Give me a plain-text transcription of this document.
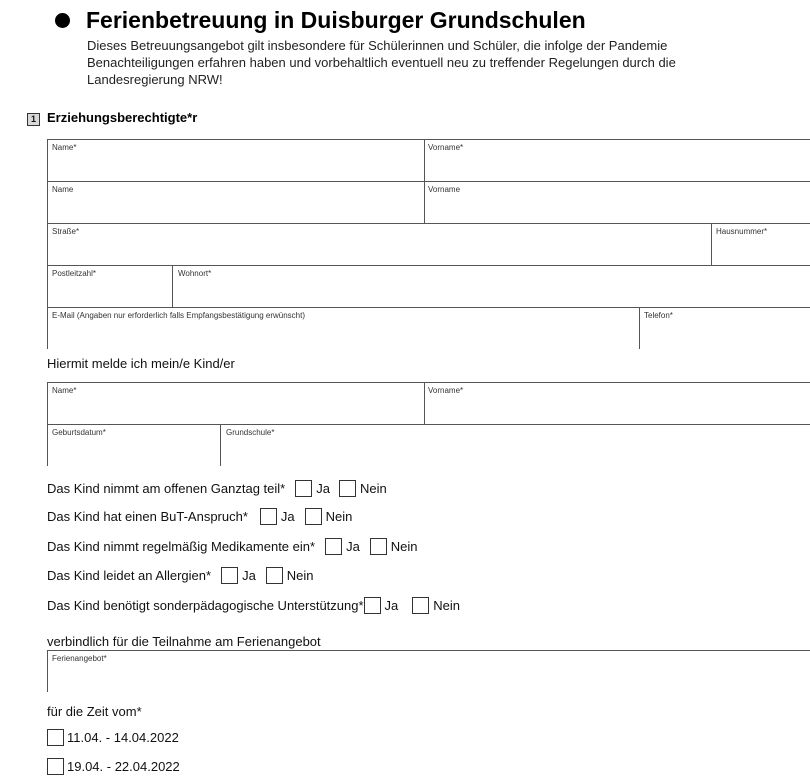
Ferienbetreuung in Duisburger Grundschulen
Dieses Betreuungsangebot gilt insbesondere für Schülerinnen und Schüler, die infolge der Pandemie
Benachteiligungen erfahren haben und vorbehaltlich eventuell neu zu treffender Regelungen durch die
Landesregierung NRW!
1 Erziehungsberechtigte*r
Name*	Vorname*
Name	Vorname
Straße*	Hausnummer*
Postleitzahl*	Wohnort*
E-Mail (Angaben nur erforderlich falls Empfangsbestätigung erwünscht)	Telefon*
Hiermit melde ich mein/e Kind/er
Name*	Vorname*
Geburtsdatum*	Grundschule*
Das Kind nimmt am offenen Ganztag teil* Ja Nein
Das Kind hat einen BuT-Anspruch*	Ja Nein
Das Kind nimmt regelmäßig Medikamente ein* Ja Nein
Das Kind leidet an Allergien* Ja Nein
Das Kind benötigt sonderpädagogische Unterstützung* Ja	Nein
verbindlich für die Teilnahme am Ferienangebot
Ferienangebot*
für die Zeit vom*
11.04. - 14.04.2022
19.04. - 22.04.2022
